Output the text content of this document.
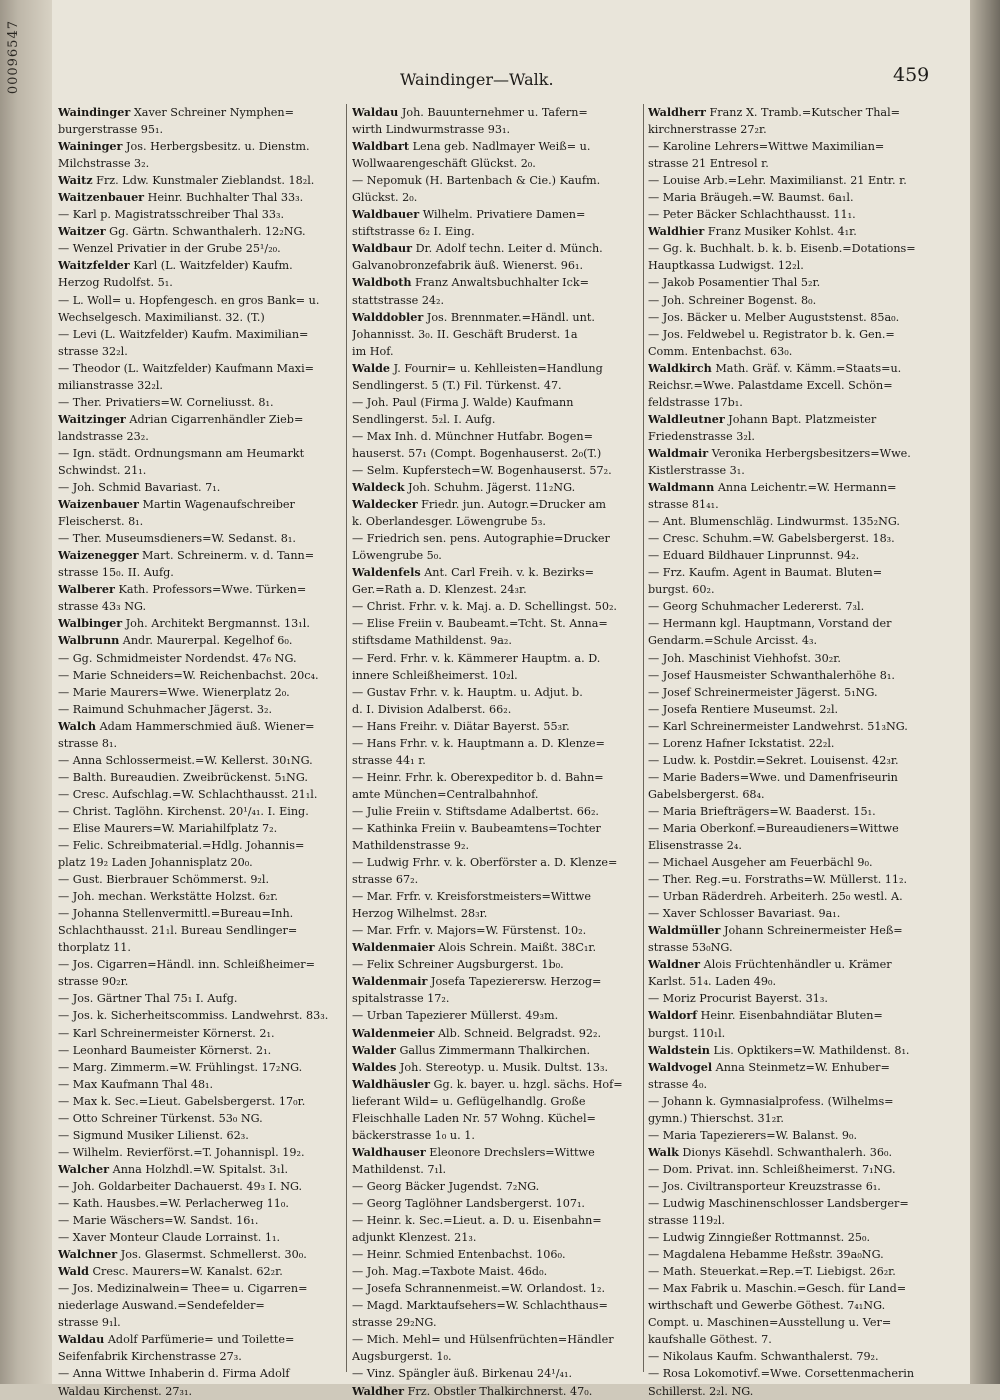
00096547	Waindinger—Walk.	459
Waindinger Xaver Schreiner Nymphen=
burgerstrasse 95₁.
Waininger Jos. Herbergsbesitz. u. Dienstm.
Milchstrasse 3₂.
Waitz Frz. Ldw. Kunstmaler Zieblandst. 18₂l.
Waitzenbauer Heinr. Buchhalter Thal 33₃.
— Karl p. Magistratsschreiber Thal 33₃.
Waitzer Gg. Gärtn. Schwanthalerh. 12₂NG.
— Wenzel Privatier in der Grube 25¹/₂₀.
Waitzfelder Karl (L. Waitzfelder) Kaufm.
Herzog Rudolfst. 5₁.
— L. Woll= u. Hopfengesch. en gros Bank= u.
Wechselgesch. Maximilianst. 32. (T.)
— Levi (L. Waitzfelder) Kaufm. Maximilian=
strasse 32₂l.
— Theodor (L. Waitzfelder) Kaufmann Maxi=
milianstrasse 32₂l.
— Ther. Privatiers=W. Corneliusst. 8₁.
Waitzinger Adrian Cigarrenhändler Zieb=
landstrasse 23₂.
— Ign. städt. Ordnungsmann am Heumarkt
Schwindst. 21₁.
— Joh. Schmid Bavariast. 7₁.
Waizenbauer Martin Wagenaufschreiber
Fleischerst. 8₁.
— Ther. Museumsdieners=W. Sedanst. 8₁.
Waizenegger Mart. Schreinerm. v. d. Tann=
strasse 15₀. II. Aufg.
Walberer Kath. Professors=Wwe. Türken=
strasse 43₃ NG.
Walbinger Joh. Architekt Bergmannst. 13₁l.
Walbrunn Andr. Maurerpal. Kegelhof 6₀.
— Gg. Schmidmeister Nordendst. 47₆ NG.
— Marie Schneiders=W. Reichenbachst. 20c₄.
— Marie Maurers=Wwe. Wienerplatz 2₀.
— Raimund Schuhmacher Jägerst. 3₂.
Walch Adam Hammerschmied äuß. Wiener=
strasse 8₁.
— Anna Schlossermeist.=W. Kellerst. 30₁NG.
— Balth. Bureaudien. Zweibrückenst. 5₁NG.
— Cresc. Aufschlag.=W. Schlachthausst. 21₁l.
— Christ. Taglöhn. Kirchenst. 20¹/₄₁. I. Eing.
— Elise Maurers=W. Mariahilfplatz 7₂.
— Felic. Schreibmaterial.=Hdlg. Johannis=
platz 19₂ Laden Johannisplatz 20₀.
— Gust. Bierbrauer Schömmerst. 9₂l.
— Joh. mechan. Werkstätte Holzst. 6₂r.
— Johanna Stellenvermittl.=Bureau=Inh.
Schlachthausst. 21₁l. Bureau Sendlinger=
thorplatz 11.
— Jos. Cigarren=Händl. inn. Schleißheimer=
strasse 90₂r.
— Jos. Gärtner Thal 75₁ I. Aufg.
— Jos. k. Sicherheitscommiss. Landwehrst. 83₃.
— Karl Schreinermeister Körnerst. 2₁.
— Leonhard Baumeister Körnerst. 2₁.
— Marg. Zimmerm.=W. Frühlingst. 17₂NG.
— Max Kaufmann Thal 48₁.
— Max k. Sec.=Lieut. Gabelsbergerst. 17₀r.
— Otto Schreiner Türkenst. 53₀ NG.
— Sigmund Musiker Lilienst. 62₃.
— Wilhelm. Revierförst.=T. Johannispl. 19₂.
Walcher Anna Holzhdl.=W. Spitalst. 3₁l.
— Joh. Goldarbeiter Dachauerst. 49₃ I. NG.
— Kath. Hausbes.=W. Perlacherweg 11₀.
— Marie Wäschers=W. Sandst. 16₁.
— Xaver Monteur Claude Lorrainst. 1₁.
Walchner Jos. Glasermst. Schmellerst. 30₀.
Wald Cresc. Maurers=W. Kanalst. 62₂r.
— Jos. Medizinalwein= Thee= u. Cigarren=
niederlage Auswand.=Sendefelder=
strasse 9₁l.
Waldau Adolf Parfümerie= und Toilette=
Seifenfabrik Kirchenstrasse 27₃.
— Anna Wittwe Inhaberin d. Firma Adolf
Waldau Kirchenst. 27₃₁.
Waldau Joh. Bauunternehmer u. Tafern=
wirth Lindwurmstrasse 93₁.
Waldbart Lena geb. Nadlmayer Weiß= u.
Wollwaarengeschäft Glückst. 2₀.
— Nepomuk (H. Bartenbach & Cie.) Kaufm.
Glückst. 2₀.
Waldbauer Wilhelm. Privatiere Damen=
stiftstrasse 6₂ I. Eing.
Waldbaur Dr. Adolf techn. Leiter d. Münch.
Galvanobronzefabrik äuß. Wienerst. 96₁.
Waldboth Franz Anwaltsbuchhalter Ick=
stattstrasse 24₂.
Walddobler Jos. Brennmater.=Händl. unt.
Johannisst. 3₀. II. Geschäft Bruderst. 1a
im Hof.
Walde J. Fournir= u. Kehlleisten=Handlung
Sendlingerst. 5 (T.) Fil. Türkenst. 47.
— Joh. Paul (Firma J. Walde) Kaufmann
Sendlingerst. 5₂l. I. Aufg.
— Max Inh. d. Münchner Hutfabr. Bogen=
hauserst. 57₁ (Compt. Bogenhauserst. 2₀(T.)
— Selm. Kupferstech=W. Bogenhauserst. 57₂.
Waldeck Joh. Schuhm. Jägerst. 11₂NG.
Waldecker Friedr. jun. Autogr.=Drucker am
k. Oberlandesger. Löwengrube 5₃.
— Friedrich sen. pens. Autographie=Drucker
Löwengrube 5₀.
Waldenfels Ant. Carl Freih. v. k. Bezirks=
Ger.=Rath a. D. Klenzest. 24₃r.
— Christ. Frhr. v. k. Maj. a. D. Schellingst. 50₂.
— Elise Freiin v. Baubeamt.=Tcht. St. Anna=
stiftsdame Mathildenst. 9a₂.
— Ferd. Frhr. v. k. Kämmerer Hauptm. a. D.
innere Schleißheimerst. 10₂l.
— Gustav Frhr. v. k. Hauptm. u. Adjut. b.
d. I. Division Adalberst. 66₂.
— Hans Freihr. v. Diätar Bayerst. 55₃r.
— Hans Frhr. v. k. Hauptmann a. D. Klenze=
strasse 44₁ r.
— Heinr. Frhr. k. Oberexpeditor b. d. Bahn=
amte München=Centralbahnhof.
— Julie Freiin v. Stiftsdame Adalbertst. 66₂.
— Kathinka Freiin v. Baubeamtens=Tochter
Mathildenstrasse 9₂.
— Ludwig Frhr. v. k. Oberförster a. D. Klenze=
strasse 67₂.
— Mar. Frfr. v. Kreisforstmeisters=Wittwe
Herzog Wilhelmst. 28₃r.
— Mar. Frfr. v. Majors=W. Fürstenst. 10₂.
Waldenmaier Alois Schrein. Maißt. 38C₁r.
— Felix Schreiner Augsburgerst. 1b₀.
Waldenmair Josefa Tapezierersw. Herzog=
spitalstrasse 17₂.
— Urban Tapezierer Müllerst. 49₃m.
Waldenmeier Alb. Schneid. Belgradst. 92₂.
Walder Gallus Zimmermann Thalkirchen.
Waldes Joh. Stereotyp. u. Musik. Dultst. 13₃.
Waldhäusler Gg. k. bayer. u. hzgl. sächs. Hof=
lieferant Wild= u. Geflügelhandlg. Große
Fleischhalle Laden Nr. 57 Wohng. Küchel=
bäckerstrasse 1₀ u. 1.
Waldhauser Eleonore Drechslers=Wittwe
Mathildenst. 7₁l.
— Georg Bäcker Jugendst. 7₂NG.
— Georg Taglöhner Landsbergerst. 107₁.
— Heinr. k. Sec.=Lieut. a. D. u. Eisenbahn=
adjunkt Klenzest. 21₃.
— Heinr. Schmied Entenbachst. 106₀.
— Joh. Mag.=Taxbote Maist. 46d₀.
— Josefa Schrannenmeist.=W. Orlandost. 1₂.
— Magd. Marktaufsehers=W. Schlachthaus=
strasse 29₂NG.
— Mich. Mehl= und Hülsenfrüchten=Händler
Augsburgerst. 1₀.
— Vinz. Spängler äuß. Birkenau 24¹/₄₁.
Waldher Frz. Obstler Thalkirchnerst. 47₀.
Waldherr Franz X. Tramb.=Kutscher Thal=
kirchnerstrasse 27₂r.
— Karoline Lehrers=Wittwe Maximilian=
strasse 21 Entresol r.
— Louise Arb.=Lehr. Maximilianst. 21 Entr. r.
— Maria Bräugeh.=W. Baumst. 6a₁l.
— Peter Bäcker Schlachthausst. 11₁.
Waldhier Franz Musiker Kohlst. 4₁r.
— Gg. k. Buchhalt. b. k. b. Eisenb.=Dotations=
Hauptkassa Ludwigst. 12₂l.
— Jakob Posamentier Thal 5₂r.
— Joh. Schreiner Bogenst. 8₀.
— Jos. Bäcker u. Melber Auguststenst. 85a₀.
— Jos. Feldwebel u. Registrator b. k. Gen.=
Comm. Entenbachst. 63₀.
Waldkirch Math. Gräf. v. Kämm.=Staats=u.
Reichsr.=Wwe. Palastdame Excell. Schön=
feldstrasse 17b₁.
Waldleutner Johann Bapt. Platzmeister
Friedenstrasse 3₂l.
Waldmair Veronika Herbergsbesitzers=Wwe.
Kistlerstrasse 3₁.
Waldmann Anna Leichentr.=W. Hermann=
strasse 81₄₁.
— Ant. Blumenschläg. Lindwurmst. 135₂NG.
— Cresc. Schuhm.=W. Gabelsbergerst. 18₃.
— Eduard Bildhauer Linprunnst. 94₂.
— Frz. Kaufm. Agent in Baumat. Bluten=
burgst. 60₂.
— Georg Schuhmacher Ledererst. 7₃l.
— Hermann kgl. Hauptmann, Vorstand der
Gendarm.=Schule Arcisst. 4₃.
— Joh. Maschinist Viehhofst. 30₂r.
— Josef Hausmeister Schwanthalerhöhe 8₁.
— Josef Schreinermeister Jägerst. 5₁NG.
— Josefa Rentiere Museumst. 2₂l.
— Karl Schreinermeister Landwehrst. 51₃NG.
— Lorenz Hafner Ickstatist. 22₂l.
— Ludw. k. Postdir.=Sekret. Louisenst. 42₃r.
— Marie Baders=Wwe. und Damenfriseurin
Gabelsbergerst. 68₄.
— Maria Briefträgers=W. Baaderst. 15₁.
— Maria Oberkonf.=Bureaudieners=Wittwe
Elisenstrasse 2₄.
— Michael Ausgeher am Feuerbächl 9₀.
— Ther. Reg.=u. Forstraths=W. Müllerst. 11₂.
— Urban Räderdreh. Arbeiterh. 25₀ westl. A.
— Xaver Schlosser Bavariast. 9a₁.
Waldmüller Johann Schreinermeister Heß=
strasse 53₀NG.
Waldner Alois Früchtenhändler u. Krämer
Karlst. 51₄. Laden 49₀.
— Moriz Procurist Bayerst. 31₃.
Waldorf Heinr. Eisenbahndiätar Bluten=
burgst. 110₁l.
Waldstein Lis. Opktikers=W. Mathildenst. 8₁.
Waldvogel Anna Steinmetz=W. Enhuber=
strasse 4₀.
— Johann k. Gymnasialprofess. (Wilhelms=
gymn.) Thierschst. 31₂r.
— Maria Tapezierers=W. Balanst. 9₀.
Walk Dionys Käsehdl. Schwanthalerh. 36₀.
— Dom. Privat. inn. Schleißheimerst. 7₁NG.
— Jos. Civiltransporteur Kreuzstrasse 6₁.
— Ludwig Maschinenschlosser Landsberger=
strasse 119₂l.
— Ludwig Zinngießer Rottmannst. 25₀.
— Magdalena Hebamme Heßstr. 39a₀NG.
— Math. Steuerkat.=Rep.=T. Liebigst. 26₂r.
— Max Fabrik u. Maschin.=Gesch. für Land=
wirthschaft und Gewerbe Göthest. 7₄₁NG.
Compt. u. Maschinen=Ausstellung u. Ver=
kaufshalle Göthest. 7.
— Nikolaus Kaufm. Schwanthalerst. 79₂.
— Rosa Lokomotivf.=Wwe. Corsettenmacherin
Schillerst. 2₂l. NG.
